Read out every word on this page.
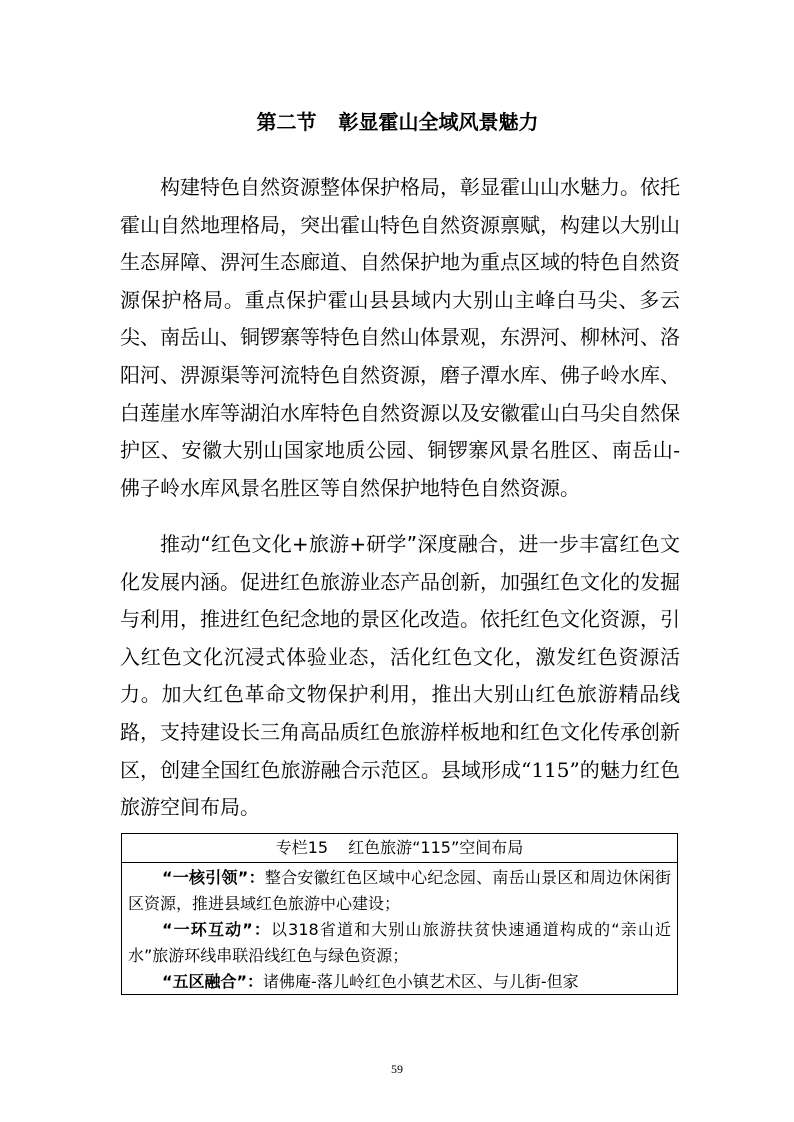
第二节 彰显霍山全域风景魅力

构建特色自然资源整体保护格局，彰显霍山山水魅力。依托霍山自然地理格局，突出霍山特色自然资源禀赋，构建以大别山生态屏障、淠河生态廊道、自然保护地为重点区域的特色自然资源保护格局。重点保护霍山县县域内大别山主峰白马尖、多云尖、南岳山、铜锣寨等特色自然山体景观，东淠河、柳林河、洛阳河、淠源渠等河流特色自然资源，磨子潭水库、佛子岭水库、白莲崖水库等湖泊水库特色自然资源以及安徽霍山白马尖自然保护区、安徽大别山国家地质公园、铜锣寨风景名胜区、南岳山-佛子岭水库风景名胜区等自然保护地特色自然资源。

推动“红色文化+旅游+研学”深度融合，进一步丰富红色文化发展内涵。促进红色旅游业态产品创新，加强红色文化的发掘与利用，推进红色纪念地的景区化改造。依托红色文化资源，引入红色文化沉浸式体验业态，活化红色文化，激发红色资源活力。加大红色革命文物保护利用，推出大别山红色旅游精品线路，支持建设长三角高品质红色旅游样板地和红色文化传承创新区，创建全国红色旅游融合示范区。县域形成“115”的魅力红色旅游空间布局。

专栏15 红色旅游“115”空间布局

“一核引领”：整合安徽红色区域中心纪念园、南岳山景区和周边休闲街区资源，推进县域红色旅游中心建设；

“一环互动”：以318省道和大别山旅游扶贫快速通道构成的“亲山近水”旅游环线串联沿线红色与绿色资源；

“五区融合”：诸佛庵-落儿岭红色小镇艺术区、与儿街-但家

59
